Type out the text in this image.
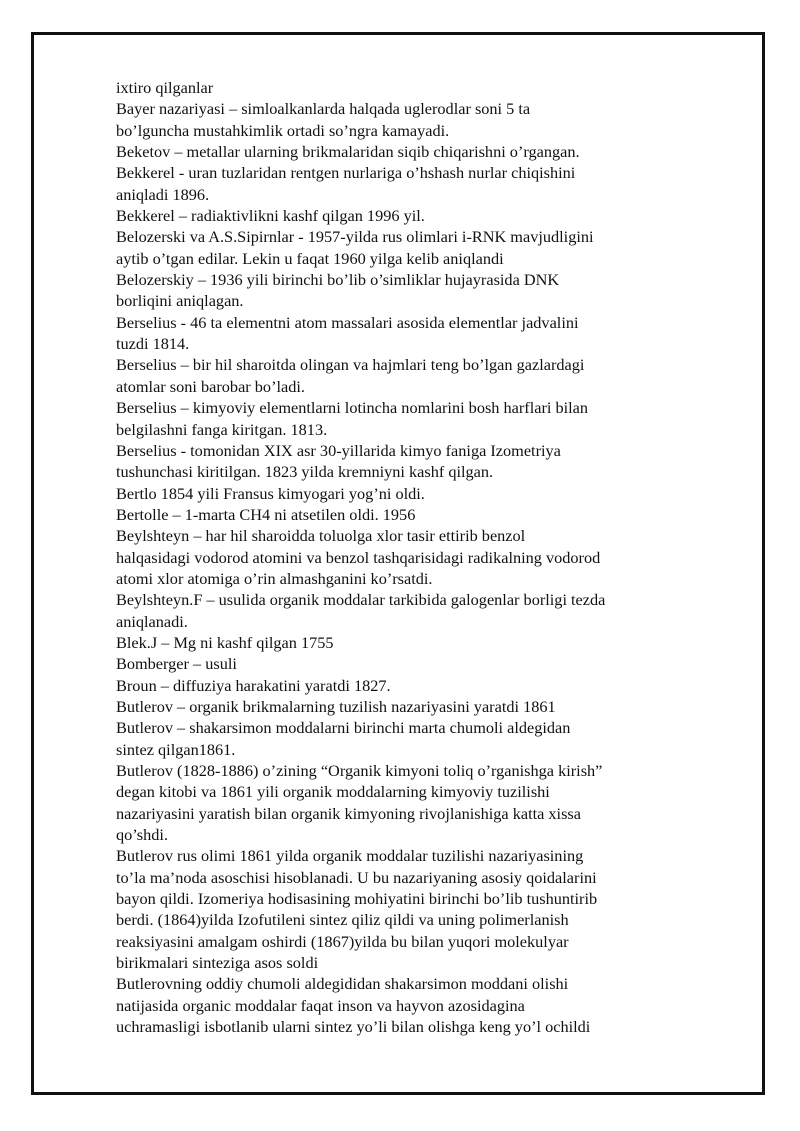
ixtiro qilganlar
Bayer nazariyasi – simloalkanlarda halqada uglerodlar soni 5 ta
bo’lguncha mustahkimlik ortadi so’ngra kamayadi.
Beketov – metallar ularning brikmalaridan siqib chiqarishni o’rgangan.
Bekkerel - uran tuzlaridan rentgen nurlariga o’hshash nurlar chiqishini
aniqladi 1896.
Bekkerel – radiaktivlikni kashf qilgan 1996 yil.
Belozerski va A.S.Sipirnlar - 1957-yilda rus olimlari i-RNK mavjudligini
aytib o’tgan edilar. Lekin u faqat 1960 yilga kelib aniqlandi
Belozerskiy – 1936 yili birinchi bo’lib o’simliklar hujayrasida DNK
borliqini aniqlagan.
Berselius - 46 ta elementni atom massalari asosida elementlar jadvalini
tuzdi 1814.
Berselius – bir hil sharoitda olingan va hajmlari teng bo’lgan gazlardagi
atomlar soni barobar bo’ladi.
Berselius – kimyoviy elementlarni lotincha nomlarini bosh harflari bilan
belgilashni fanga kiritgan. 1813.
Berselius - tomonidan XIX asr 30-yillarida kimyo faniga Izometriya
tushunchasi kiritilgan. 1823 yilda kremniyni kashf qilgan.
Bertlo 1854 yili Fransus kimyogari yog’ni oldi.
Bertolle – 1-marta CH4 ni atsetilen oldi. 1956
Beylshteyn – har hil sharoidda toluolga xlor tasir ettirib benzol
halqasidagi vodorod atomini va benzol tashqarisidagi radikalning vodorod
atomi xlor atomiga o’rin almashganini ko’rsatdi.
Beylshteyn.F – usulida organik moddalar tarkibida galogenlar borligi tezda
aniqlanadi.
Blek.J – Mg ni kashf qilgan 1755
Bomberger – usuli
Broun – diffuziya harakatini yaratdi 1827.
Butlerov – organik brikmalarning tuzilish nazariyasini yaratdi 1861
Butlerov – shakarsimon moddalarni birinchi marta chumoli aldegidan
sintez qilgan1861.
Butlerov (1828-1886) o’zining “Organik kimyoni toliq o’rganishga kirish”
degan kitobi va 1861 yili organik moddalarning kimyoviy tuzilishi
nazariyasini yaratish bilan organik kimyoning rivojlanishiga katta xissa
qo’shdi.
Butlerov rus olimi 1861 yilda organik moddalar tuzilishi nazariyasining
to’la ma’noda asoschisi hisoblanadi. U bu nazariyaning asosiy qoidalarini
bayon qildi. Izomeriya hodisasining mohiyatini birinchi bo’lib tushuntirib
berdi. (1864)yilda Izofutileni sintez qiliz qildi va uning polimerlanish
reaksiyasini amalgam oshirdi (1867)yilda bu bilan yuqori molekulyar
birikmalari sinteziga asos soldi
Butlerovning oddiy chumoli aldegididan shakarsimon moddani olishi
natijasida organic moddalar faqat inson va hayvon azosidagina
uchramasligi isbotlanib ularni sintez yo’li bilan olishga keng yo’l ochildi
